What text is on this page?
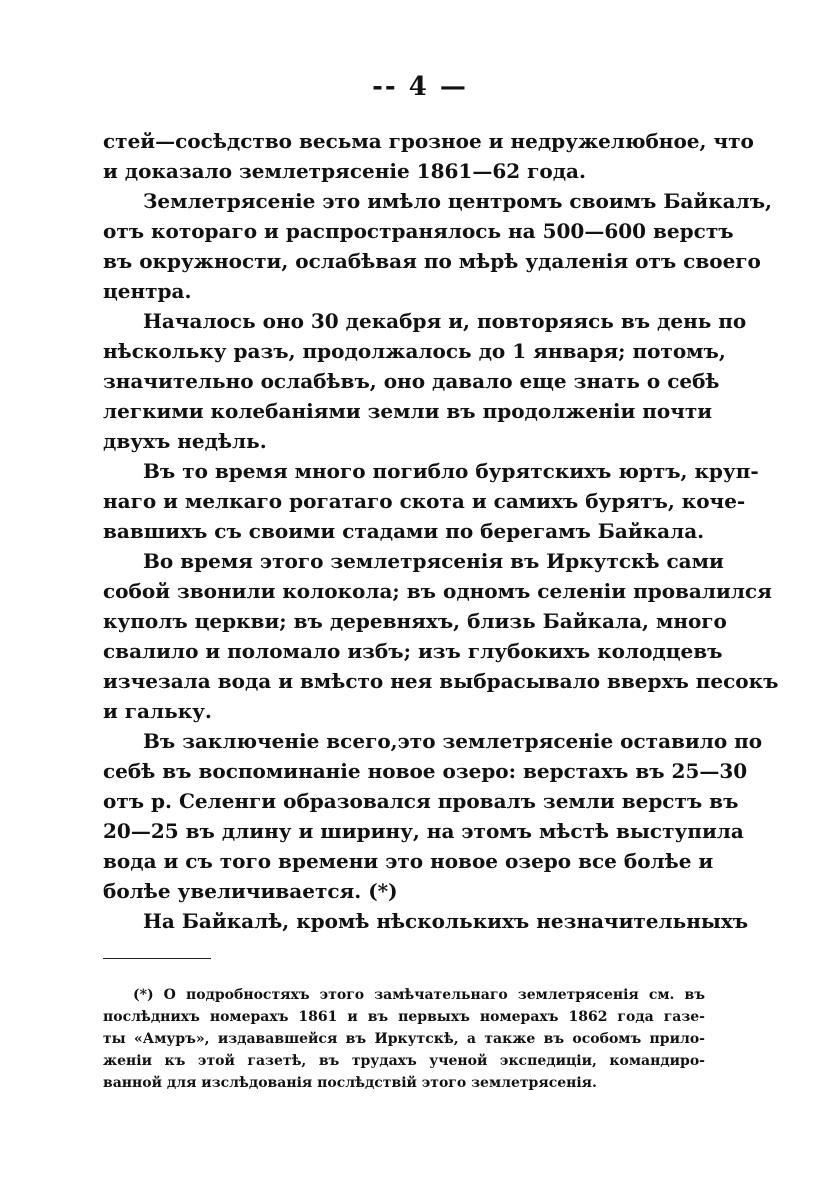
-- 4 —
стей—сосѣдство весьма грозное и недружелюбное, что
и доказало землетрясеніе 1861—62 года.
Землетрясеніе это имѣло центромъ своимъ Байкалъ,
отъ котораго и распространялось на 500—600 верстъ
въ окружности, ослабѣвая по мѣрѣ удаленія отъ своего
центра.
Началось оно 30 декабря и, повторяясь въ день по
нѣскольку разъ, продолжалось до 1 января; потомъ,
значительно ослабѣвъ, оно давало еще знать о себѣ
легкими колебаніями земли въ продолженіи почти
двухъ недѣль.
Въ то время много погибло бурятскихъ юртъ, круп-
наго и мелкаго рогатаго скота и самихъ бурятъ, коче-
вавшихъ съ своими стадами по берегамъ Байкала.
Во время этого землетрясенія въ Иркутскѣ сами
собой звонили колокола; въ одномъ селеніи провалился
куполъ церкви; въ деревняхъ, близь Байкала, много
свалило и поломало избъ; изъ глубокихъ колодцевъ
изчезала вода и вмѣсто нея выбрасывало вверхъ песокъ
и гальку.
Въ заключеніе всего,это землетрясеніе оставило по
себѣ въ воспоминаніе новое озеро: верстахъ въ 25—30
отъ р. Селенги образовался провалъ земли верстъ въ
20—25 въ длину и ширину, на этомъ мѣстѣ выступила
вода и съ того времени это новое озеро все болѣе и
болѣе увеличивается. (*)
На Байкалѣ, кромѣ нѣсколькихъ незначительныхъ
(*) О подробностяхъ этого замѣчательнаго землетрясенія см. въ
послѣднихъ номерахъ 1861 и въ первыхъ номерахъ 1862 года газе-
ты «Амуръ», издававшейся въ Иркутскѣ, а также въ особомъ прило-
женіи къ этой газетѣ, въ трудахъ ученой экспедиціи, командиро-
ванной для изслѣдованія послѣдствій этого землетрясенія.
